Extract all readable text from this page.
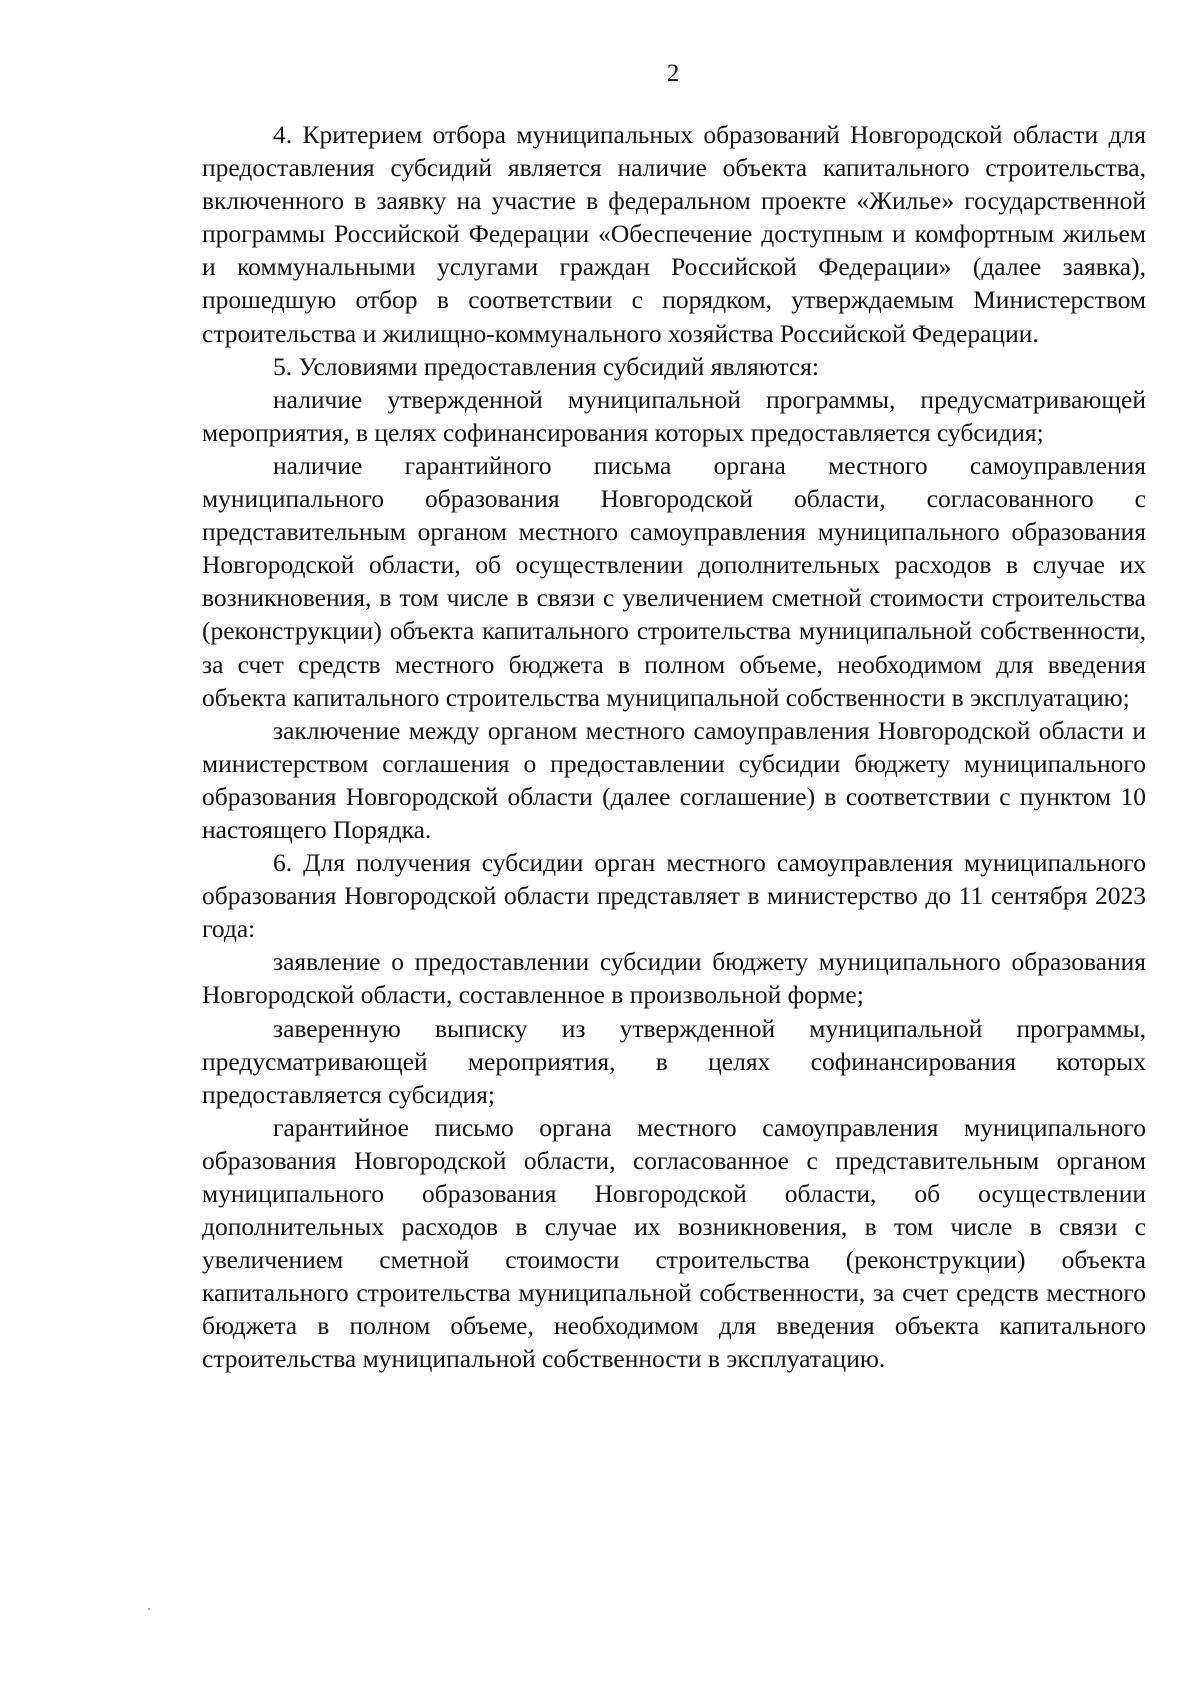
2

4. Критерием отбора муниципальных образований Новгородской области для предоставления субсидий является наличие объекта капитального строительства, включенного в заявку на участие в федеральном проекте «Жилье» государственной программы Российской Федерации «Обеспечение доступным и комфортным жильем и коммунальными услугами граждан Российской Федерации» (далее заявка), прошедшую отбор в соответствии с порядком, утверждаемым Министерством строительства и жилищно-коммунального хозяйства Российской Федерации.

5. Условиями предоставления субсидий являются:

наличие утвержденной муниципальной программы, предусматривающей мероприятия, в целях софинансирования которых предоставляется субсидия;

наличие гарантийного письма органа местного самоуправления муниципального образования Новгородской области, согласованного с представительным органом местного самоуправления муниципального образования Новгородской области, об осуществлении дополнительных расходов в случае их возникновения, в том числе в связи с увеличением сметной стоимости строительства (реконструкции) объекта капитального строительства муниципальной собственности, за счет средств местного бюджета в полном объеме, необходимом для введения объекта капитального строительства муниципальной собственности в эксплуатацию;

заключение между органом местного самоуправления Новгородской области и министерством соглашения о предоставлении субсидии бюджету муниципального образования Новгородской области (далее соглашение) в соответствии с пунктом 10 настоящего Порядка.

6. Для получения субсидии орган местного самоуправления муниципального образования Новгородской области представляет в министерство до 11 сентября 2023 года:

заявление о предоставлении субсидии бюджету муниципального образования Новгородской области, составленное в произвольной форме;

заверенную выписку из утвержденной муниципальной программы, предусматривающей мероприятия, в целях софинансирования которых предоставляется субсидия;

гарантийное письмо органа местного самоуправления муниципального образования Новгородской области, согласованное с представительным органом муниципального образования Новгородской области, об осуществлении дополнительных расходов в случае их возникновения, в том числе в связи с увеличением сметной стоимости строительства (реконструкции) объекта капитального строительства муниципальной собственности, за счет средств местного бюджета в полном объеме, необходимом для введения объекта капитального строительства муниципальной собственности в эксплуатацию.
